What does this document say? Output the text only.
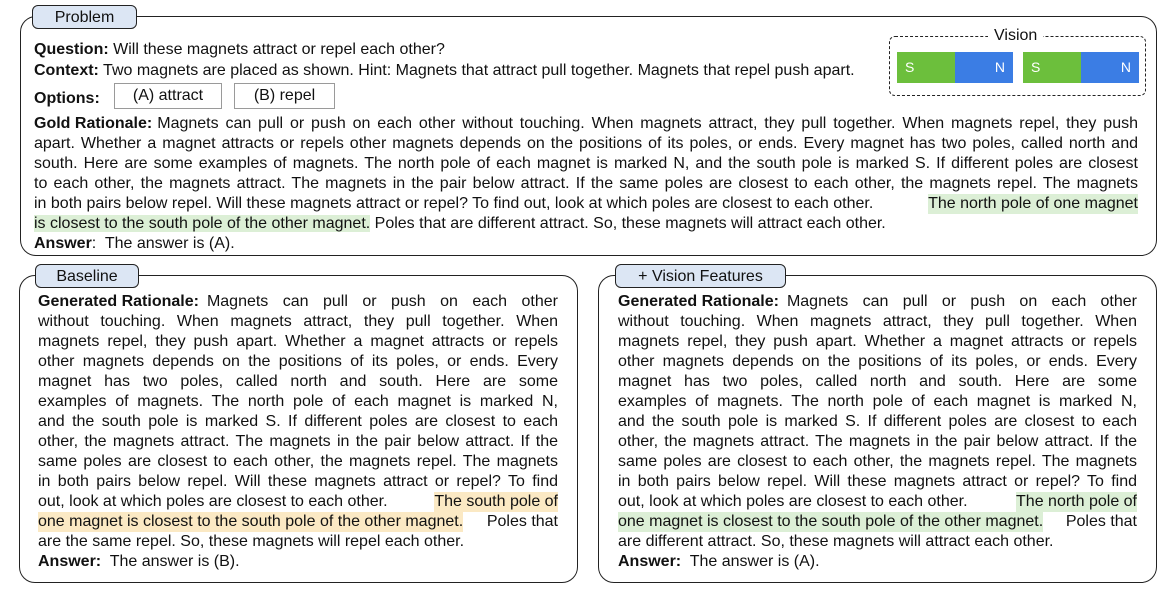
Problem
Question: Will these magnets attract or repel each other?
Context: Two magnets are placed as shown. Hint: Magnets that attract pull together. Magnets that repel push apart.
Options:	(A) attract	(B) repel
Vision
S	N	S	N
Gold Rationale: Magnets can pull or push on each other without touching. When magnets attract, they pull together. When magnets repel, they push
apart. Whether a magnet attracts or repels other magnets depends on the positions of its poles, or ends. Every magnet has two poles, called north and
south. Here are some examples of magnets. The north pole of each magnet is marked N, and the south pole is marked S. If different poles are closest
to each other, the magnets attract. The magnets in the pair below attract. If the same poles are closest to each other, the magnets repel. The magnets
in both pairs below repel. Will these magnets attract or repel? To find out, look at which poles are closest to each other.	The north pole of one magnet
is closest to the south pole of the other magnet. Poles that are different attract. So, these magnets will attract each other.
Answer:  The answer is (A).
Baseline
Generated Rationale: Magnets can pull or push on each other
without touching. When magnets attract, they pull together. When
magnets repel, they push apart. Whether a magnet attracts or repels
other magnets depends on the positions of its poles, or ends. Every
magnet has two poles, called north and south. Here are some
examples of magnets. The north pole of each magnet is marked N,
and the south pole is marked S. If different poles are closest to each
other, the magnets attract. The magnets in the pair below attract. If the
same poles are closest to each other, the magnets repel. The magnets
in both pairs below repel. Will these magnets attract or repel? To find
out, look at which poles are closest to each other.	The south pole of
one magnet is closest to the south pole of the other magnet. Poles that
are the same repel. So, these magnets will repel each other.
Answer: The answer is (B).
+ Vision Features
Generated Rationale: Magnets can pull or push on each other
without touching. When magnets attract, they pull together. When
magnets repel, they push apart. Whether a magnet attracts or repels
other magnets depends on the positions of its poles, or ends. Every
magnet has two poles, called north and south. Here are some
examples of magnets. The north pole of each magnet is marked N,
and the south pole is marked S. If different poles are closest to each
other, the magnets attract. The magnets in the pair below attract. If the
same poles are closest to each other, the magnets repel. The magnets
in both pairs below repel. Will these magnets attract or repel? To find
out, look at which poles are closest to each other.	The north pole of
one magnet is closest to the south pole of the other magnet. Poles that
are different attract. So, these magnets will attract each other.
Answer: The answer is (A).
